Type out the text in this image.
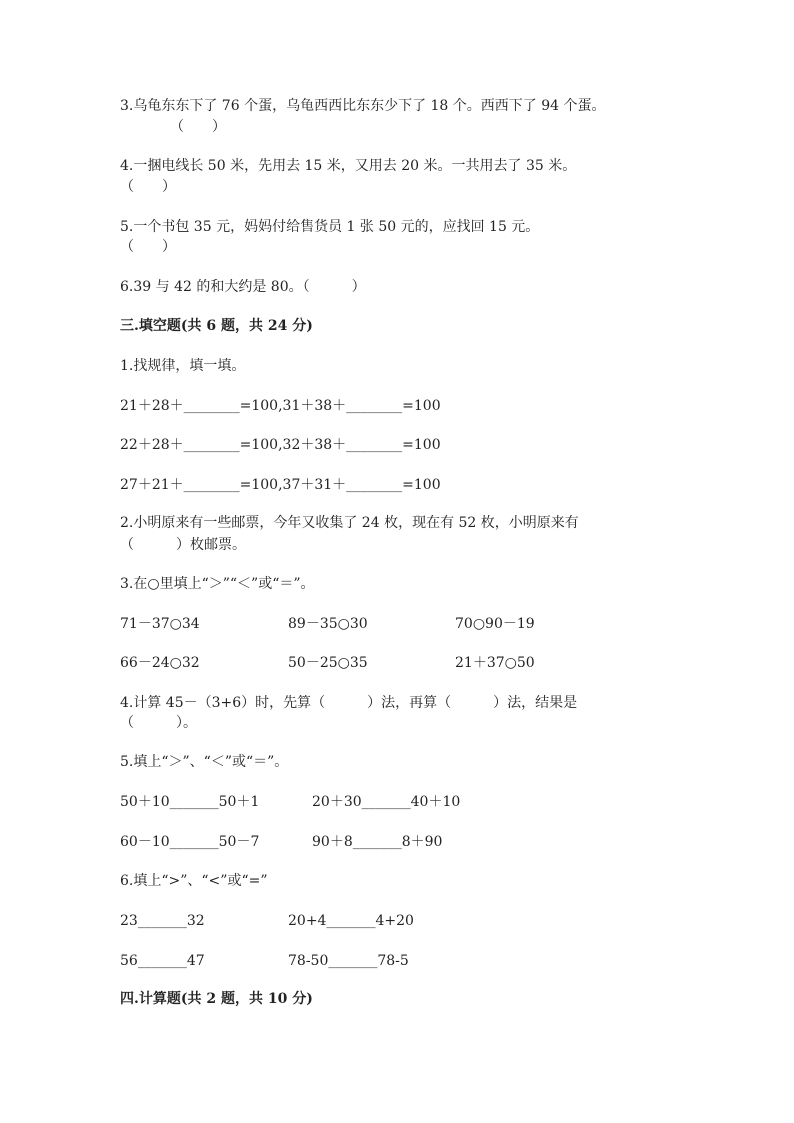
3.乌龟东东下了 76 个蛋，乌龟西西比东东少下了 18 个。西西下了 94 个蛋。
（　　）
4.一捆电线长 50 米，先用去 15 米，又用去 20 米。一共用去了 35 米。
（　　）
5.一个书包 35 元，妈妈付给售货员 1 张 50 元的，应找回 15 元。
（　　）
6.39 与 42 的和大约是 80。（　　　）
三.填空题(共 6 题，共 24 分)
1.找规律，填一填。
21＋28＋________=100,31＋38＋________=100
22＋28＋________=100,32＋38＋________=100
27＋21＋________=100,37＋31＋________=100
2.小明原来有一些邮票，今年又收集了 24 枚，现在有 52 枚，小明原来有
（　　　）枚邮票。
3.在○里填上“＞”“＜”或“＝”。
71－37○34	89－35○30	70○90－19
66－24○32	50－25○35	21＋37○50
4.计算 45－（3+6）时，先算（　　　）法，再算（　　　）法，结果是
（　　　）。
5.填上“＞”、“＜”或“＝”。
50＋10_______50＋1	20＋30_______40＋10
60－10_______50－7	90＋8_______8＋90
6.填上“>”、“<”或“=”
23_______32	20+4_______4+20
56_______47	78-50_______78-5
四.计算题(共 2 题，共 10 分)
